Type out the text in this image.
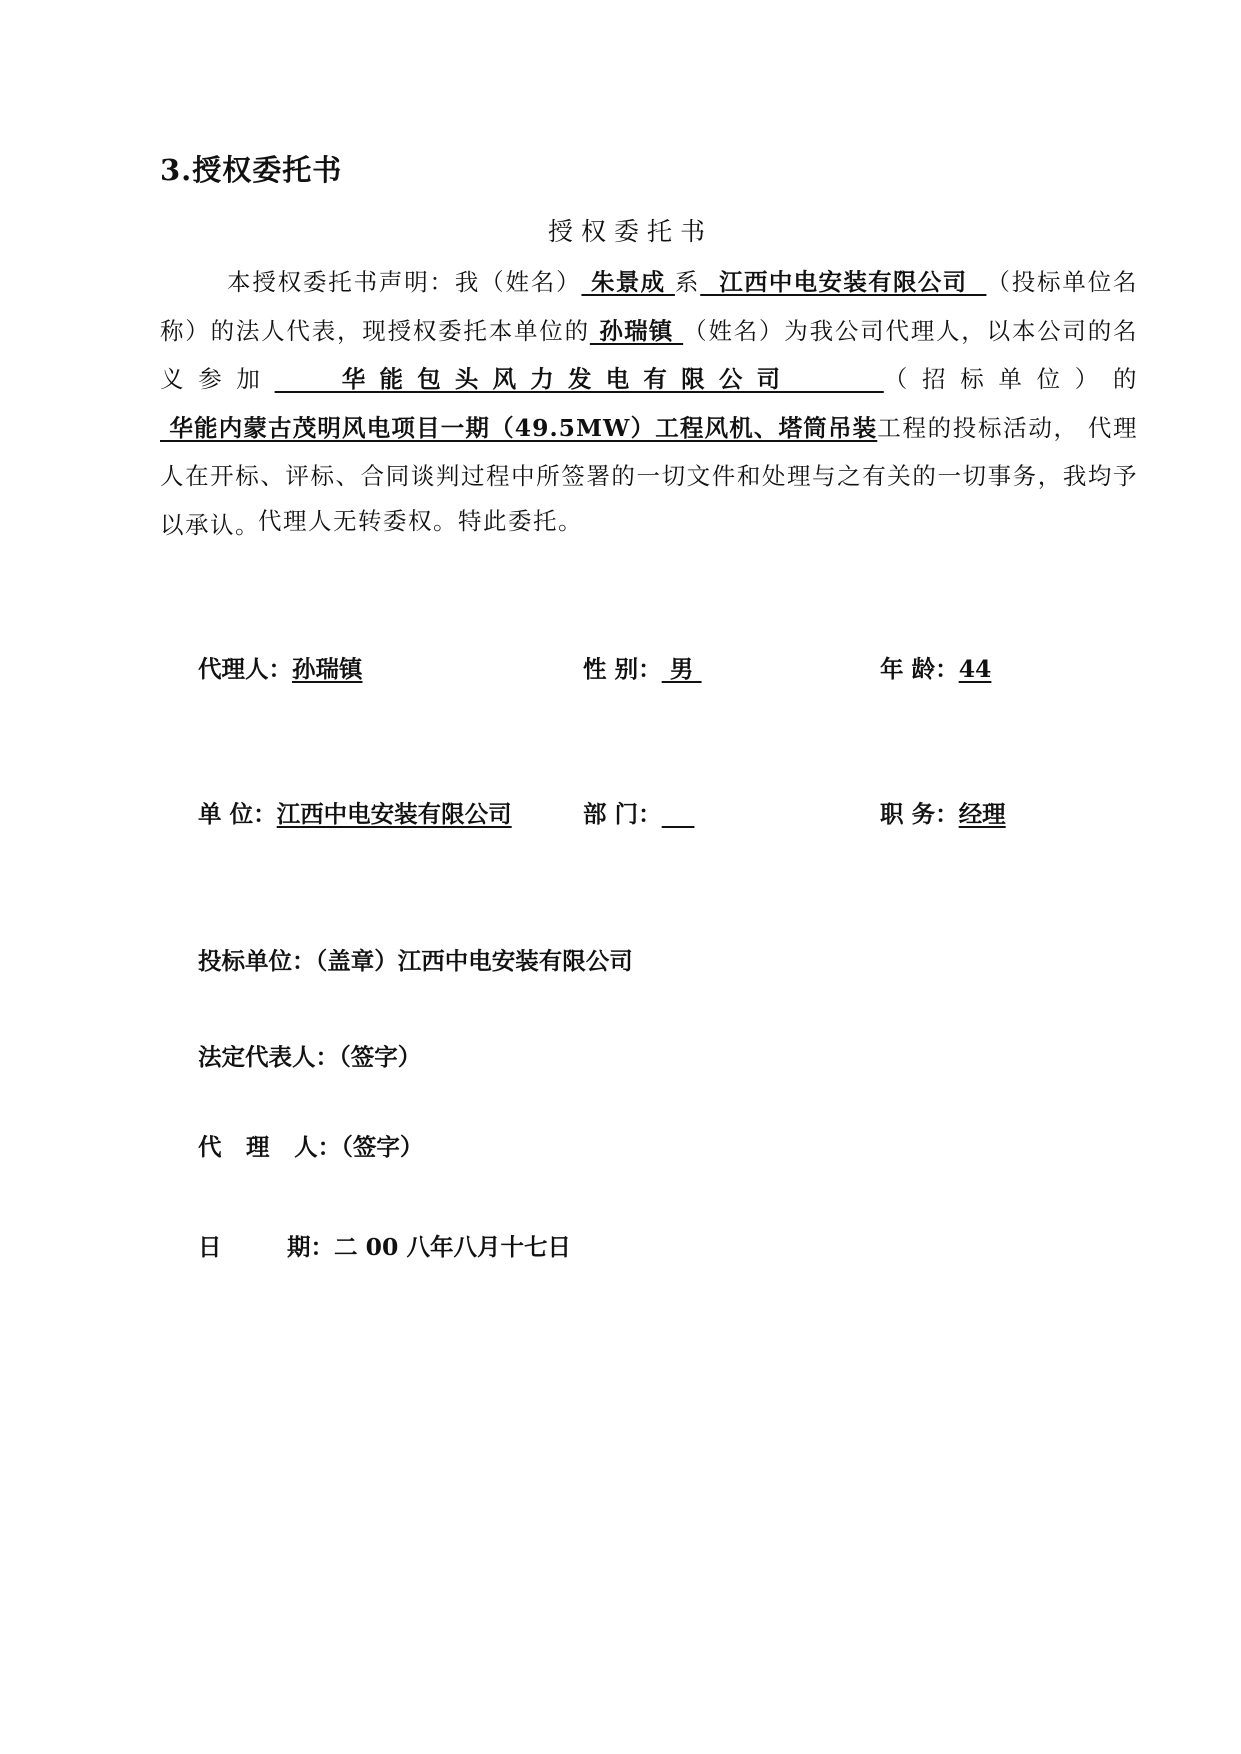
3.授权委托书
授权委托书
本授权委托书声明：我（姓名） 朱景成 系  江西中电安装有限公司  （投标单位名称）的法人代表，现授权委托本单位的 孙瑞镇 （姓名）为我公司代理人，以本公司的名义参加   华能包头风力发电有限公司    （招标单位）的 华能内蒙古茂明风电项目一期（49.5MW）工程风机、塔筒吊装工程的投标活动， 代理人在开标、评标、合同谈判过程中所签署的一切文件和处理与之有关的一切事务，我均予以承认。
代理人无转委权。特此委托。
代理人：孙瑞镇	性 别： 男	年 龄：44
单 位：江西中电安装有限公司	部 门：	职 务：经理
投标单位：（盖章）江西中电安装有限公司
法定代表人：（签字）
代   理   人：（签字）
日        期：二 00 八年八月十七日
